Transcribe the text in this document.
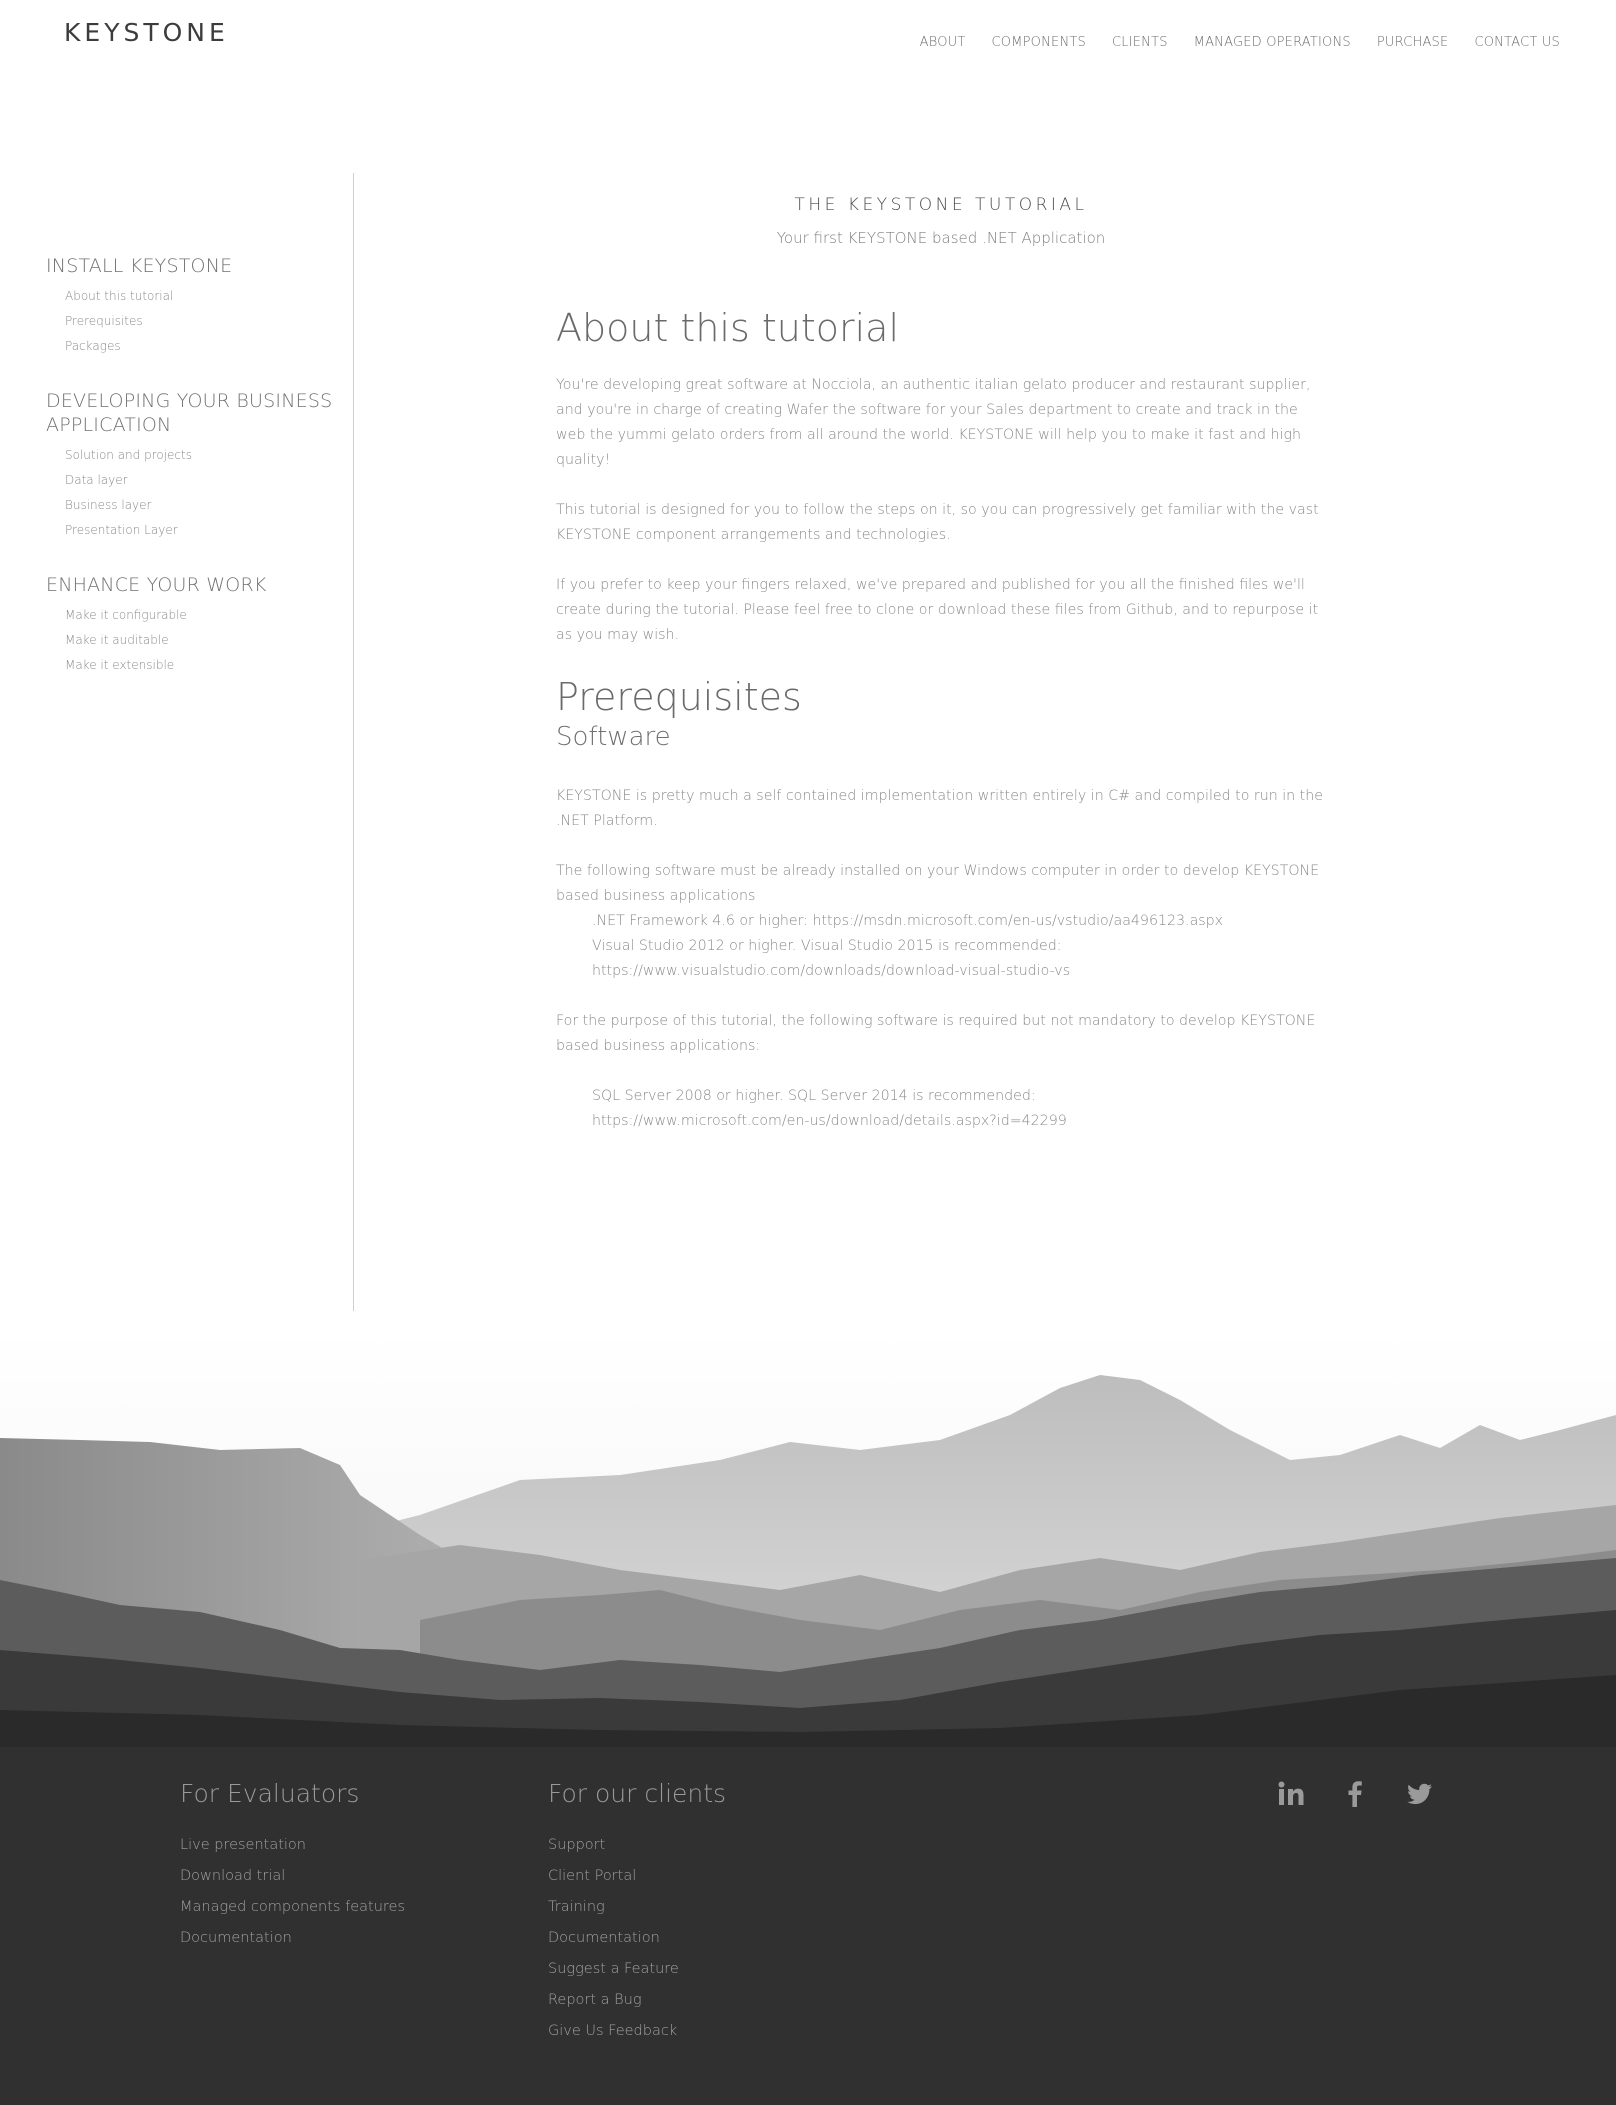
KEYSTONE	ABOUT COMPONENTS CLIENTS MANAGED OPERATIONS PURCHASE CONTACT US
INSTALL KEYSTONE
About this tutorial
Prerequisites
Packages
DEVELOPING YOUR BUSINESS APPLICATION
Solution and projects
Data layer
Business layer
Presentation Layer
ENHANCE YOUR WORK
Make it configurable
Make it auditable
Make it extensible
THE KEYSTONE TUTORIAL
Your first KEYSTONE based .NET Application
About this tutorial

You're developing great software at Nocciola, an authentic italian gelato producer and restaurant supplier, and you're in charge of creating Wafer the software for your Sales department to create and track in the web the yummi gelato orders from all around the world. KEYSTONE will help you to make it fast and high quality!

This tutorial is designed for you to follow the steps on it, so you can progressively get familiar with the vast KEYSTONE component arrangements and technologies.

If you prefer to keep your fingers relaxed, we've prepared and published for you all the finished files we'll create during the tutorial. Please feel free to clone or download these files from Github, and to repurpose it as you may wish.

Prerequisites
Software

KEYSTONE is pretty much a self contained implementation written entirely in C# and compiled to run in the .NET Platform.

The following software must be already installed on your Windows computer in order to develop KEYSTONE based business applications

.NET Framework 4.6 or higher: https://msdn.microsoft.com/en-us/vstudio/aa496123.aspx
Visual Studio 2012 or higher. Visual Studio 2015 is recommended:
https://www.visualstudio.com/downloads/download-visual-studio-vs

For the purpose of this tutorial, the following software is required but not mandatory to develop KEYSTONE based business applications:

SQL Server 2008 or higher. SQL Server 2014 is recommended:
https://www.microsoft.com/en-us/download/details.aspx?id=42299
For Evaluators
Live presentation
Download trial
Managed components features
Documentation
For our clients
Support
Client Portal
Training
Documentation
Suggest a Feature
Report a Bug
Give Us Feedback
